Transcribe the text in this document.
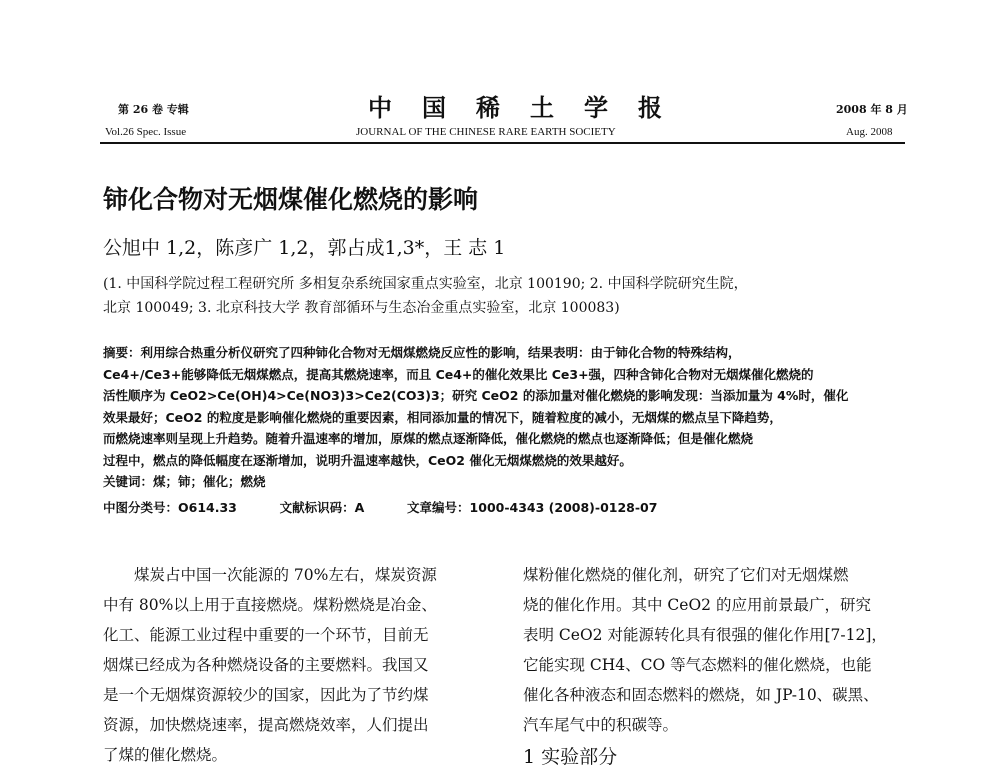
第 26 卷 专辑	中国稀土学报	2008 年 8 月
Vol.26 Spec. Issue	JOURNAL OF THE CHINESE RARE EARTH SOCIETY	Aug. 2008
铈化合物对无烟煤催化燃烧的影响
公旭中 1,2，陈彦广 1,2，郭占成1,3*，王 志 1
(1. 中国科学院过程工程研究所 多相复杂系统国家重点实验室，北京 100190; 2. 中国科学院研究生院，
北京 100049; 3. 北京科技大学 教育部循环与生态冶金重点实验室，北京 100083)
摘要：利用综合热重分析仪研究了四种铈化合物对无烟煤燃烧反应性的影响，结果表明：由于铈化合物的特殊结构，
Ce4+/Ce3+能够降低无烟煤燃点，提高其燃烧速率，而且 Ce4+的催化效果比 Ce3+强，四种含铈化合物对无烟煤催化燃烧的
活性顺序为 CeO2>Ce(OH)4>Ce(NO3)3>Ce2(CO3)3；研究 CeO2 的添加量对催化燃烧的影响发现：当添加量为 4%时，催化
效果最好；CeO2 的粒度是影响催化燃烧的重要因素，相同添加量的情况下，随着粒度的减小，无烟煤的燃点呈下降趋势，
而燃烧速率则呈现上升趋势。随着升温速率的增加，原煤的燃点逐渐降低，催化燃烧的燃点也逐渐降低；但是催化燃烧
过程中，燃点的降低幅度在逐渐增加，说明升温速率越快，CeO2 催化无烟煤燃烧的效果越好。
关键词：煤；铈；催化；燃烧
中图分类号：O614.33	文献标识码：A	文章编号：1000-4343 (2008)-0128-07
　　煤炭占中国一次能源的 70%左右，煤炭资源
中有 80%以上用于直接燃烧。煤粉燃烧是冶金、
化工、能源工业过程中重要的一个环节，目前无
烟煤已经成为各种燃烧设备的主要燃料。我国又
是一个无烟煤资源较少的国家，因此为了节约煤
资源，加快燃烧速率，提高燃烧效率，人们提出
了煤的催化燃烧。
煤粉催化燃烧的催化剂，研究了它们对无烟煤燃
烧的催化作用。其中 CeO2 的应用前景最广，研究
表明 CeO2 对能源转化具有很强的催化作用[7-12]，
它能实现 CH4、CO 等气态燃料的催化燃烧，也能
催化各种液态和固态燃料的燃烧，如 JP-10、碳黑、
汽车尾气中的积碳等。
1 实验部分
